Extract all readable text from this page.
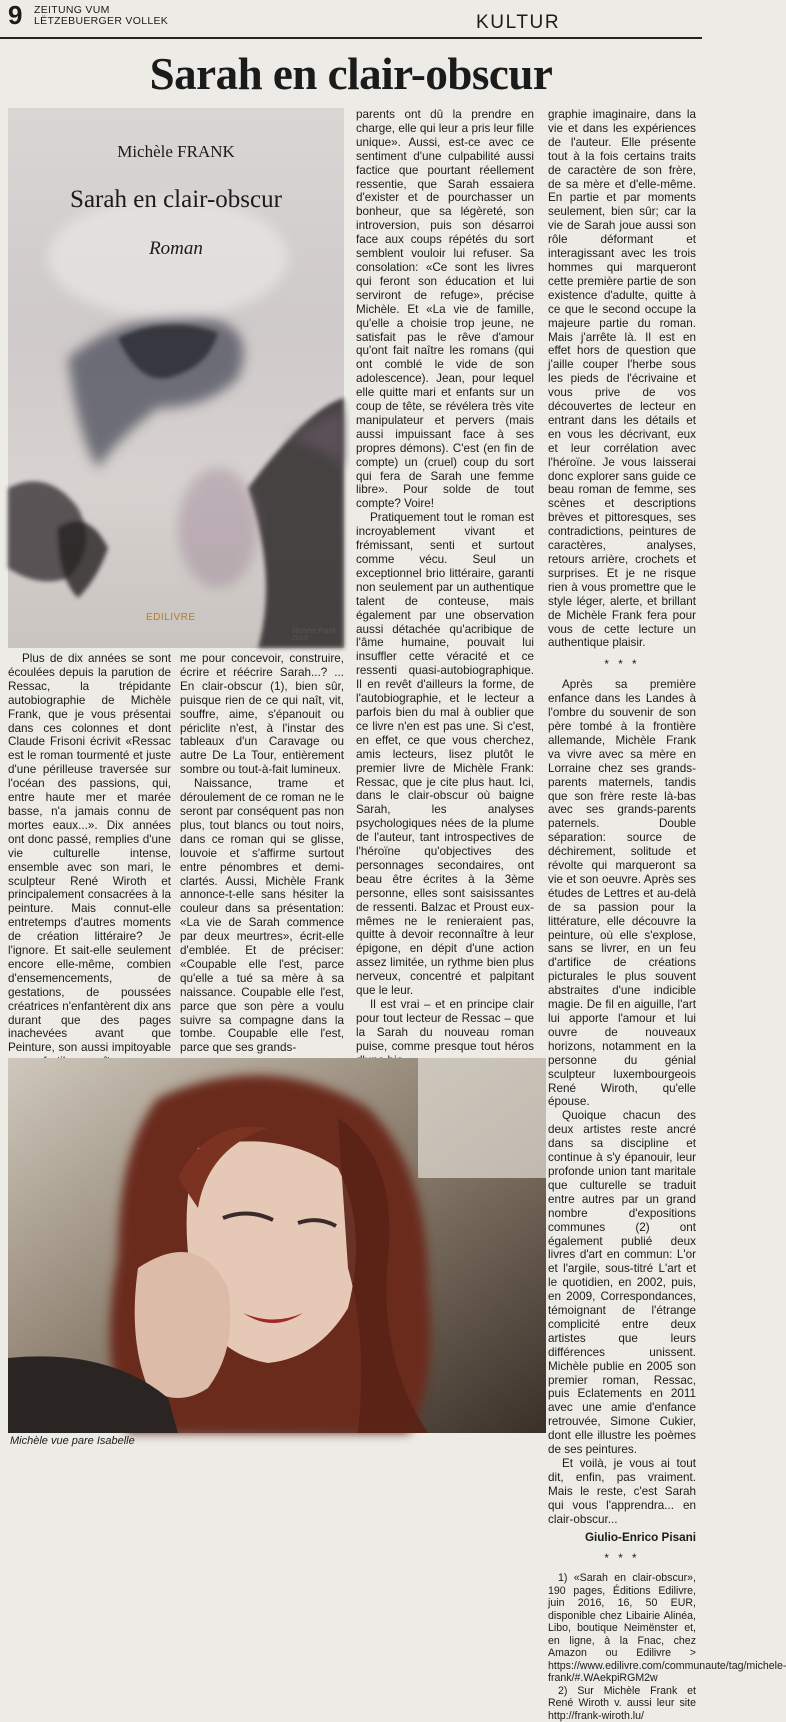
9 ZEITUNG VUM
LËTZEBUERGER VOLLEK	KULTUR
Sarah en clair-obscur
Michèle FRANK
Sarah en clair-obscur
Roman
EDILIVRE
Michèle Frank 2013

Plus de dix années se sont écoulées depuis la parution de Ressac, la trépidante autobiographie de Michèle Frank, que je vous présentai dans ces colonnes et dont Claude Frisoni écrivit «Ressac est le roman tourmenté et juste d'une périlleuse traversée sur l'océan des passions, qui, entre haute mer et marée basse, n'a jamais connu de mortes eaux...». Dix années ont donc passé, remplies d'une vie culturelle intense, ensemble avec son mari, le sculpteur René Wiroth et principalement consacrées à la peinture. Mais connut-elle entretemps d'autres moments de création littéraire? Je l'ignore. Et sait-elle seulement encore elle-même, combien d'ensemencements, de gestations, de poussées créatrices n'enfantèrent dix ans durant que des pages inachevées avant que Peinture, son aussi impitoyable

me pour concevoir, construire, écrire et réécrire Sarah...? ... En clair-obscur (1), bien sûr, puisque rien de ce qui naît, vit, souffre, aime, s'épanouit ou périclite n'est, à l'instar des tableaux d'un Caravage ou autre De La Tour, entièrement sombre ou tout-à-fait lumineux.

Naissance, trame et déroulement de ce roman ne le seront par conséquent pas non plus, tout blancs ou tout noirs, dans ce roman qui se glisse, louvoie et s'affirme surtout entre pénombres et demi-clartés. Aussi, Michèle Frank annonce-t-elle sans hésiter la couleur dans sa présentation: «La vie de Sarah commence par deux meurtres», écrit-elle d'emblée. Et de préciser: «Coupable elle l'est, parce qu'elle a tué sa mère à sa naissance. Coupable elle l'est, parce que son père a voulu suivre sa compagne dans la tombe. Coupable elle l'est, parce que ses grands-

parents ont dû la prendre en charge, elle qui leur a pris leur fille unique». Aussi, est-ce avec ce sentiment d'une culpabilité aussi factice que pourtant réellement ressentie, que Sarah essaiera d'exister et de pourchasser un bonheur, que sa légèreté, son introversion, puis son désarroi face aux coups répétés du sort semblent vouloir lui refuser. Sa consolation: «Ce sont les livres qui feront son éducation et lui serviront de refuge», précise Michèle. Et «La vie de famille, qu'elle a choisie trop jeune, ne satisfait pas le rêve d'amour qu'ont fait naître les romans (qui ont comblé le vide de son adolescence). Jean, pour lequel elle quitte mari et enfants sur un coup de tête, se révélera très vite manipulateur et pervers (mais aussi impuissant face à ses propres démons). C'est (en fin de compte) un (cruel) coup du sort qui fera de Sarah une femme libre». Pour solde de tout compte? Voire!

Pratiquement tout le roman est incroyablement vivant et frémissant, senti et surtout comme vécu. Seul un exceptionnel brio littéraire, garanti non seulement par un authentique talent de conteuse, mais également par une observation aussi détachée qu'acribique de l'âme humaine, pouvait lui insuffler cette véracité et ce ressenti quasi-autobiographique. Il en revêt d'ailleurs la forme, de l'autobiographie, et le lecteur a parfois bien du mal à oublier que ce livre n'en est pas une. Si c'est, en effet, ce que vous cherchez, amis lecteurs, lisez plutôt le premier livre de Michèle Frank: Ressac, que je cite plus haut. Ici, dans le clair-obscur où baigne Sarah, les analyses psychologiques nées de la plume de l'auteur, tant introspectives de l'héroïne qu'objectives des personnages secondaires, ont beau être écrites à la 3ème personne, elles sont saisissantes de ressenti. Balzac et Proust eux-mêmes ne le renieraient pas, quitte à devoir reconnaître à leur épigone, en dépit d'une action assez limitée, un rythme bien plus nerveux, concentré et palpitant que le leur.

Il est vrai – et en principe clair pour tout lecteur de Ressac – que la Sarah du nouveau roman puise, comme presque tout héros

graphie imaginaire, dans la vie et dans les expériences de l'auteur. Elle présente tout à la fois certains traits de caractère de son frère, de sa mère et d'elle-même. En partie et par moments seulement, bien sûr; car la vie de Sarah joue aussi son rôle déformant et interagissant avec les trois hommes qui marqueront cette première partie de son existence d'adulte, quitte à ce que le second occupe la majeure partie du roman. Mais j'arrête là. Il est en effet hors de question que j'aille couper l'herbe sous les pieds de l'écrivaine et vous prive de vos découvertes de lecteur en entrant dans les détails et en vous les décrivant, eux et leur corrélation avec l'héroïne. Je vous laisserai donc explorer sans guide ce beau roman de femme, ses scènes et descriptions brèves et pittoresques, ses contradictions, peintures de caractères, analyses, retours arrière, crochets et surprises. Et je ne risque rien à vous promettre que le style léger, alerte, et brillant de Michèle Frank fera pour vous de cette lecture un authentique plaisir.

* * *

Après sa première enfance dans les Landes à l'ombre du souvenir de son père tombé à la frontière allemande, Michèle Frank va vivre avec sa mère en Lorraine chez ses grands-parents maternels, tandis que son frère reste là-bas avec ses grands-parents paternels. Double séparation: source de déchirement, solitude et révolte qui marqueront sa vie et son oeuvre. Après ses études de Lettres et au-delà de sa passion pour la littérature, elle découvre la peinture, où elle s'explose, sans se livrer, en un feu d'artifice de créations picturales le plus souvent abstraites d'une indicible magie. De fil en aiguille, l'art lui apporte l'amour et lui ouvre de nouveaux horizons, notamment en la personne du génial sculpteur luxembourgeois René Wiroth, qu'elle épouse.

Quoique chacun des deux artistes reste ancré dans sa discipline et continue à s'y épanouir, leur profonde union tant maritale que culturelle se traduit entre autres par un grand nombre d'expositions communes (2) ont également publié deux livres d'art en commun: L'or et l'argile, sous-titré L'art et le quotidien, en 2002, puis, en 2009, Correspondances, témoignant de l'étrange complicité entre deux artistes que leurs différences unissent. Michèle publie en 2005 son premier roman, Ressac, puis Eclatements en 2011 avec une amie d'enfance retrouvée, Simone Cukier, dont elle illustre les poèmes de ses peintures.

Et voilà, je vous ai tout dit, enfin, pas vraiment. Mais le reste, c'est Sarah qui vous l'apprendra... en clair-obscur...

Giulio-Enrico Pisani
* * *

1) «Sarah en clair-obscur», 190 pages, Éditions Edilivre, juin 2016, 16, 50 EUR, disponible chez Libairie Alinéa, Libo, boutique Neimënster et, en ligne, à la Fnac, chez Amazon ou Edilivre > https://www.edilivre.com/communaute/tag/michele-frank/#.WAekpiRGM2w

2) Sur Michèle Frank et René Wiroth v. aussi leur site http://frank-wiroth.lu/

Michèle vue pare Isabelle
